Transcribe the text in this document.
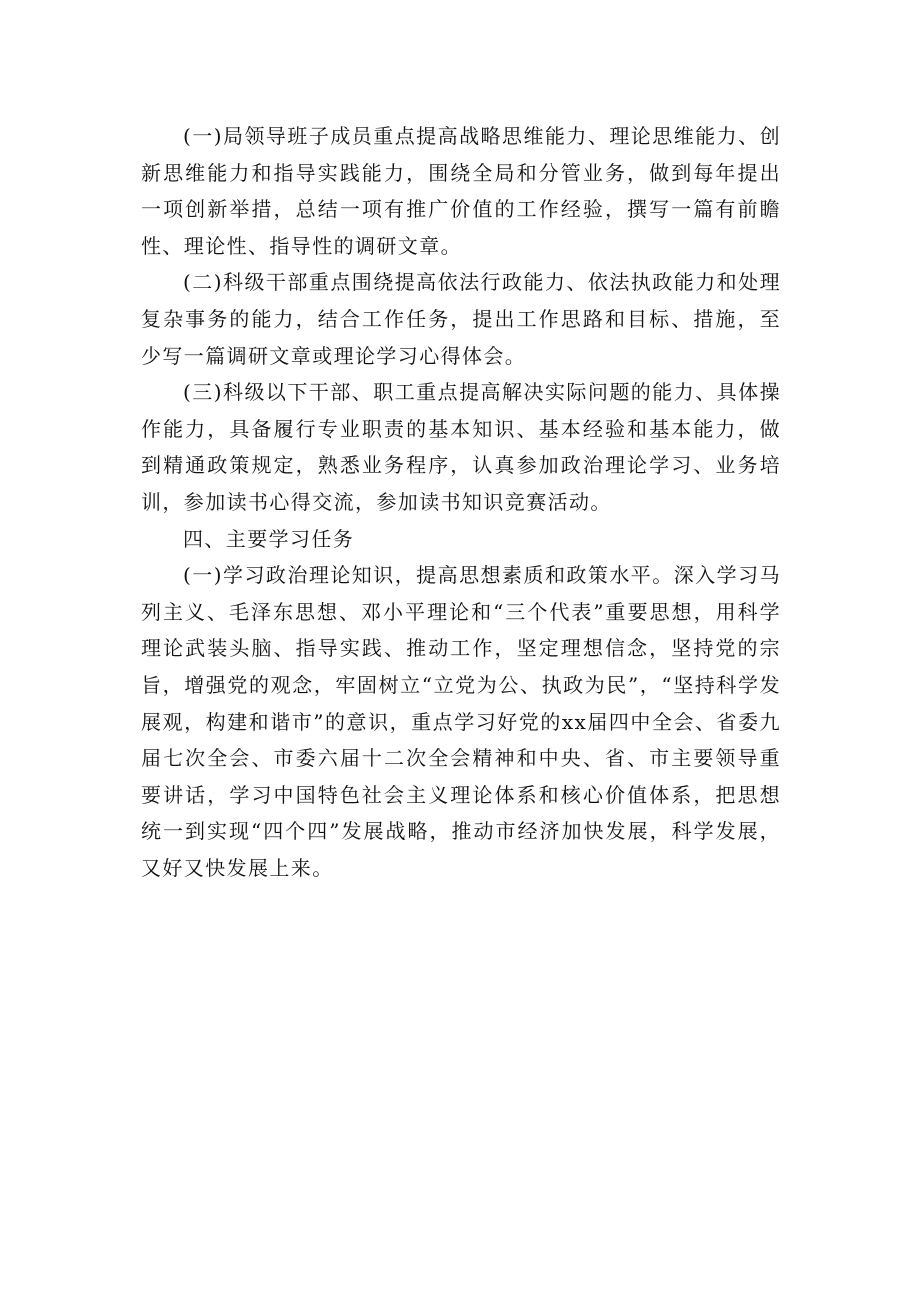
(一)局领导班子成员重点提高战略思维能力、理论思维能力、创新思维能力和指导实践能力，围绕全局和分管业务，做到每年提出一项创新举措，总结一项有推广价值的工作经验，撰写一篇有前瞻性、理论性、指导性的调研文章。

(二)科级干部重点围绕提高依法行政能力、依法执政能力和处理复杂事务的能力，结合工作任务，提出工作思路和目标、措施，至少写一篇调研文章或理论学习心得体会。

(三)科级以下干部、职工重点提高解决实际问题的能力、具体操作能力，具备履行专业职责的基本知识、基本经验和基本能力，做到精通政策规定，熟悉业务程序，认真参加政治理论学习、业务培训，参加读书心得交流，参加读书知识竞赛活动。

四、主要学习任务

(一)学习政治理论知识，提高思想素质和政策水平。深入学习马列主义、毛泽东思想、邓小平理论和“三个代表”重要思想，用科学理论武装头脑、指导实践、推动工作，坚定理想信念，坚持党的宗旨，增强党的观念，牢固树立“立党为公、执政为民”，“坚持科学发展观，构建和谐市”的意识，重点学习好党的xx届四中全会、省委九届七次全会、市委六届十二次全会精神和中央、省、市主要领导重要讲话，学习中国特色社会主义理论体系和核心价值体系，把思想统一到实现“四个四”发展战略，推动市经济加快发展，科学发展，又好又快发展上来。
